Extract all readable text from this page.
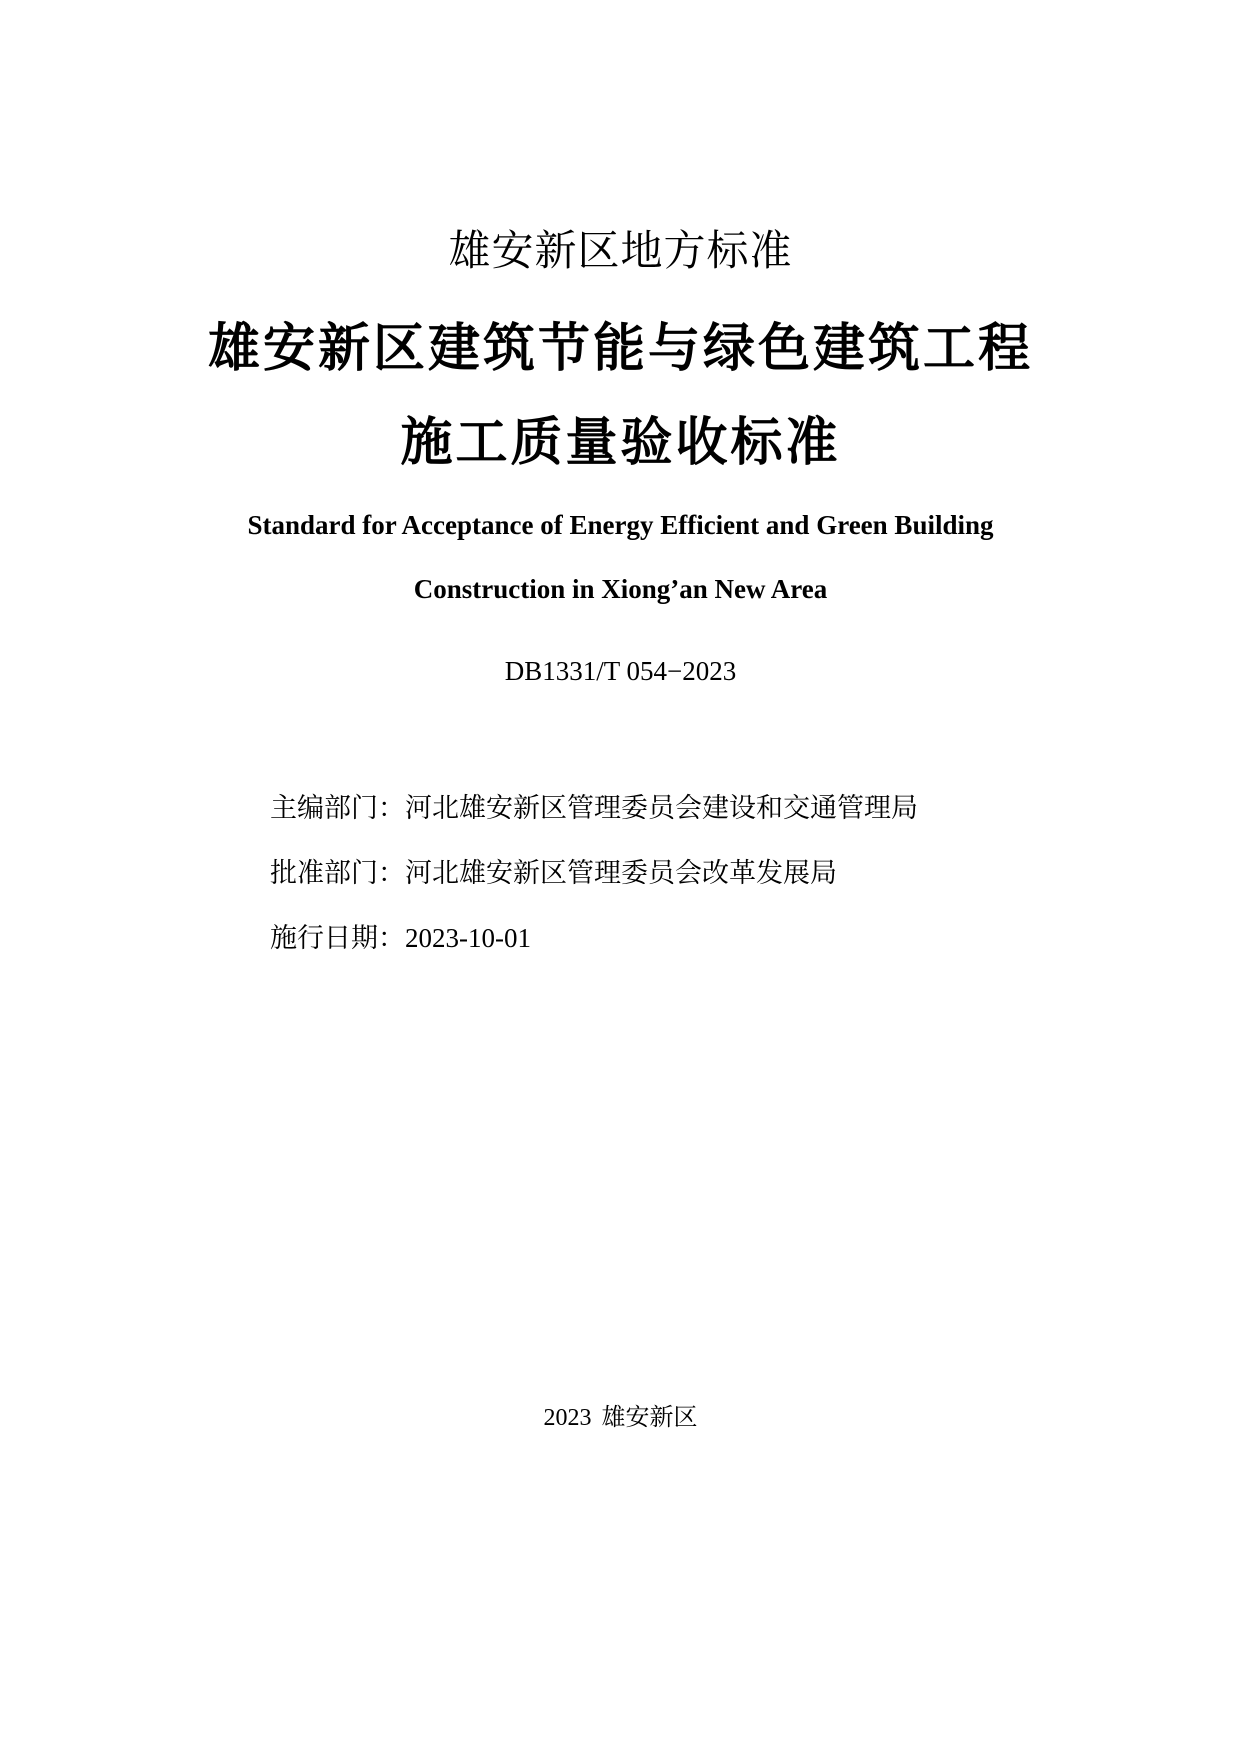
雄安新区地方标准
雄安新区建筑节能与绿色建筑工程
施工质量验收标准
Standard for Acceptance of Energy Efficient and Green Building
Construction in Xiong’an New Area
DB1331/T 054−2023
主编部门：河北雄安新区管理委员会建设和交通管理局
批准部门：河北雄安新区管理委员会改革发展局
施行日期：2023-10-01
2023 雄安新区
